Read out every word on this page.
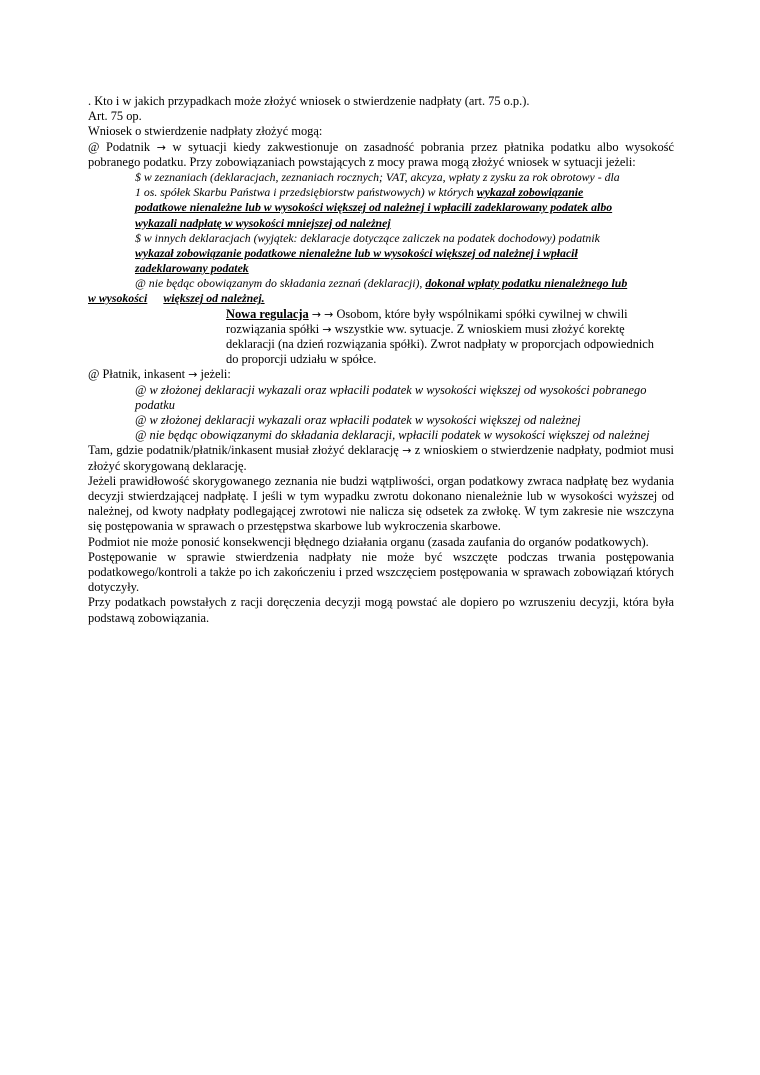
. Kto i w jakich przypadkach może złożyć wniosek o stwierdzenie nadpłaty (art. 75 o.p.).
Art. 75 op.
Wniosek o stwierdzenie nadpłaty złożyć mogą:
@ Podatnik → w sytuacji kiedy zakwestionuje on zasadność pobrania przez płatnika podatku albo wysokość pobranego podatku. Przy zobowiązaniach powstających z mocy prawa mogą złożyć wniosek w sytuacji jeżeli:
$ w zeznaniach (deklaracjach, zeznaniach rocznych; VAT, akcyza, wpłaty z zysku za rok obrotowy - dla
1 os. spółek Skarbu Państwa i przedsiębiorstw państwowych) w których wykazał zobowiązanie
podatkowe nienależne lub w wysokości większej od należnej i wpłacili zadeklarowany podatek albo
wykazali nadpłatę w wysokości mniejszej od należnej
$ w innych deklaracjach (wyjątek: deklaracje dotyczące zaliczek na podatek dochodowy) podatnik
wykazał zobowiązanie podatkowe nienależne lub w wysokości większej od należnej i wpłacił
zadeklarowany podatek
@ nie będąc obowiązanym do składania zeznań (deklaracji), dokonał wpłaty podatku nienależnego lub
w wysokości większej od należnej.
Nowa regulacja → → Osobom, które były wspólnikami spółki cywilnej w chwili
rozwiązania spółki → wszystkie ww. sytuacje. Z wnioskiem musi złożyć korektę
deklaracji (na dzień rozwiązania spółki). Zwrot nadpłaty w proporcjach odpowiednich
do proporcji udziału w spółce.
@ Płatnik, inkasent → jeżeli:
@ w złożonej deklaracji wykazali oraz wpłacili podatek w wysokości większej od wysokości pobranego
podatku
@ w złożonej deklaracji wykazali oraz wpłacili podatek w wysokości większej od należnej
@ nie będąc obowiązanymi do składania deklaracji, wpłacili podatek w wysokości większej od należnej
Tam, gdzie podatnik/płatnik/inkasent musiał złożyć deklarację → z wnioskiem o stwierdzenie nadpłaty, podmiot musi złożyć skorygowaną deklarację.
Jeżeli prawidłowość skorygowanego zeznania nie budzi wątpliwości, organ podatkowy zwraca nadpłatę bez wydania decyzji stwierdzającej nadpłatę. I jeśli w tym wypadku zwrotu dokonano nienależnie lub w wysokości wyższej od należnej, od kwoty nadpłaty podlegającej zwrotowi nie nalicza się odsetek za zwłokę. W tym zakresie nie wszczyna się postępowania w sprawach o przestępstwa skarbowe lub wykroczenia skarbowe.
Podmiot nie może ponosić konsekwencji błędnego działania organu (zasada zaufania do organów podatkowych).
Postępowanie w sprawie stwierdzenia nadpłaty nie może być wszczęte podczas trwania postępowania podatkowego/kontroli a także po ich zakończeniu i przed wszczęciem postępowania w sprawach zobowiązań których dotyczyły.
Przy podatkach powstałych z racji doręczenia decyzji mogą powstać ale dopiero po wzruszeniu decyzji, która była podstawą zobowiązania.
